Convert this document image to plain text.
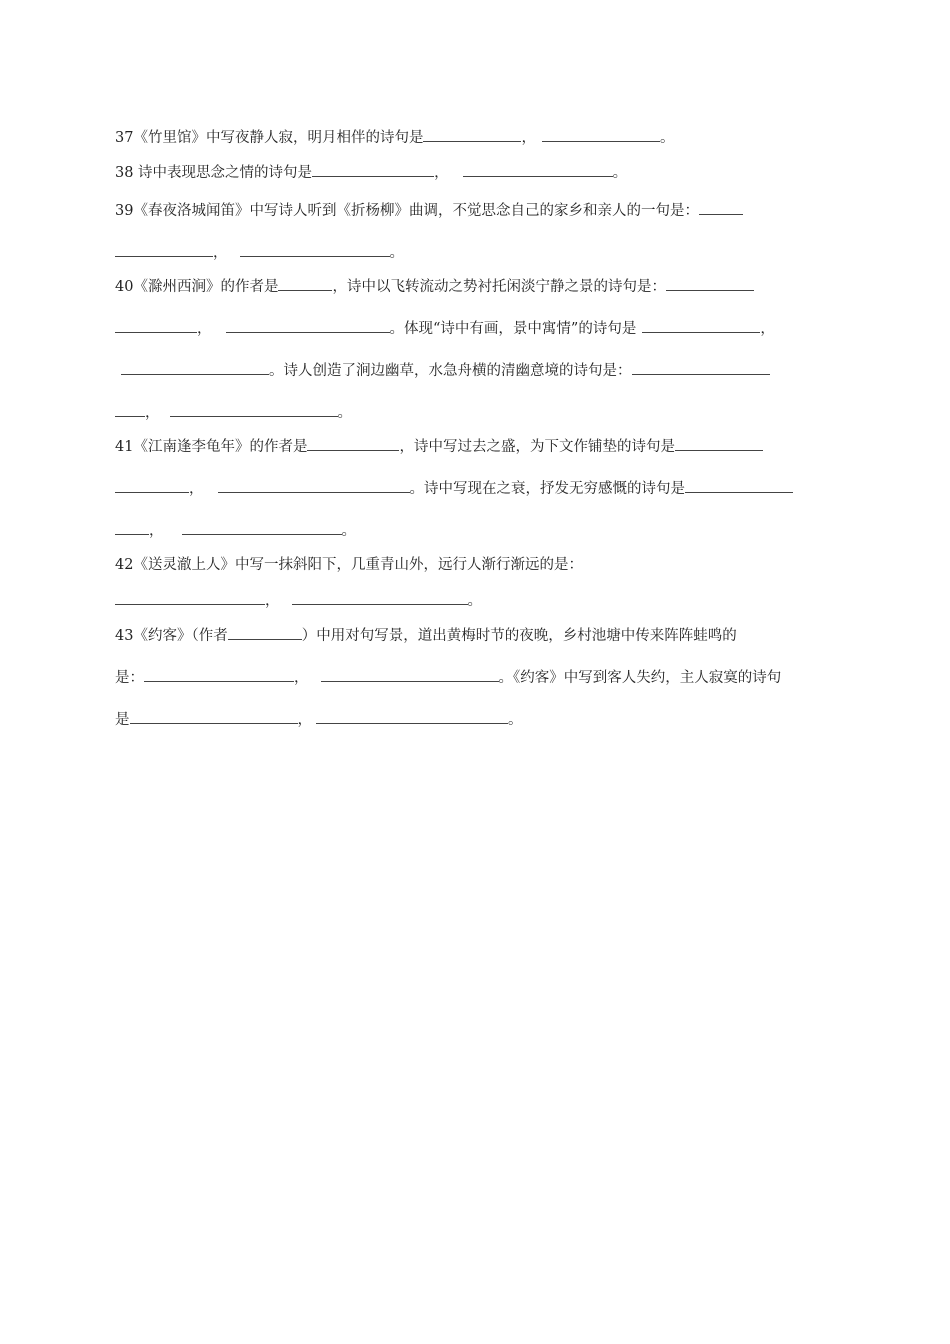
37《竹里馆》中写夜静人寂，明月相伴的诗句是	，	。
38 诗中表现思念之情的诗句是	，	。
39《春夜洛城闻笛》中写诗人听到《折杨柳》曲调，不觉思念自己的家乡和亲人的一句是：
，	。
40《滁州西涧》的作者是	，诗中以飞转流动之势衬托闲淡宁静之景的诗句是：
，	。体现“诗中有画，景中寓情”的诗句是	，
。诗人创造了涧边幽草，水急舟横的清幽意境的诗句是：
，	。
41《江南逢李龟年》的作者是	，诗中写过去之盛，为下文作铺垫的诗句是
，	。诗中写现在之衰，抒发无穷感慨的诗句是
，	。
42《送灵澈上人》中写一抹斜阳下，几重青山外，远行人渐行渐远的是：
，	。
43《约客》（作者	）中用对句写景，道出黄梅时节的夜晚，乡村池塘中传来阵阵蛙鸣的
是：	，	。《约客》中写到客人失约，主人寂寞的诗句
是	，	。
